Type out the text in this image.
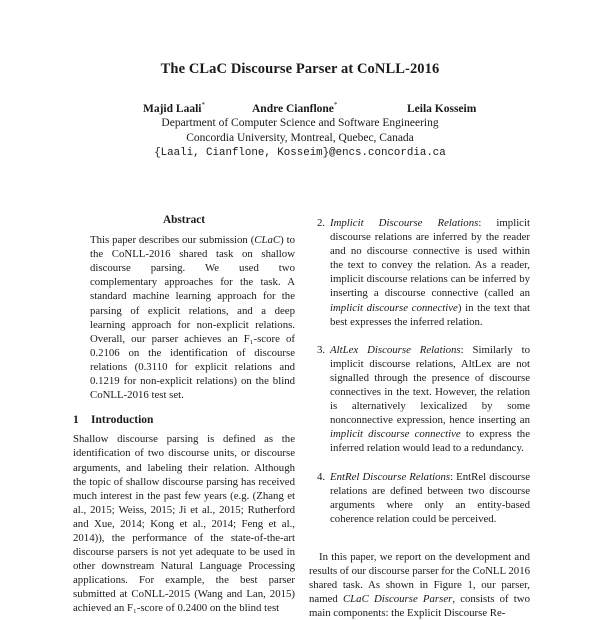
The CLaC Discourse Parser at CoNLL-2016
Majid Laali*	Andre Cianflone*	Leila Kosseim
Department of Computer Science and Software Engineering
Concordia University, Montreal, Quebec, Canada
{Laali, Cianflone, Kosseim}@encs.concordia.ca

Abstract

This paper describes our submission (CLaC) to the CoNLL-2016 shared task on shallow discourse parsing. We used two complementary approaches for the task. A standard machine learning approach for the parsing of explicit relations, and a deep learning approach for non-explicit relations. Overall, our parser achieves an F₁-score of 0.2106 on the identification of discourse relations (0.3110 for explicit relations and 0.1219 for non-explicit relations) on the blind CoNLL-2016 test set.

1 Introduction

Shallow discourse parsing is defined as the identification of two discourse units, or discourse arguments, and labeling their relation. Although the topic of shallow discourse parsing has received much interest in the past few years (e.g. (Zhang et al., 2015; Weiss, 2015; Ji et al., 2015; Rutherford and Xue, 2014; Kong et al., 2014; Feng et al., 2014)), the performance of the state-of-the-art discourse parsers is not yet adequate to be used in other downstream Natural Language Processing applications. For example, the best parser submitted at CoNLL-2015 (Wang and Lan, 2015) achieved an F₁-score of 0.2400 on the blind test

2. Implicit Discourse Relations: implicit discourse relations are inferred by the reader and no discourse connective is used within the text to convey the relation. As a reader, implicit discourse relations can be inferred by inserting a discourse connective (called an implicit discourse connective) in the text that best expresses the inferred relation.

3. AltLex Discourse Relations: Similarly to implicit discourse relations, AltLex are not signalled through the presence of discourse connectives in the text. However, the relation is alternatively lexicalized by some nonconnective expression, hence inserting an implicit discourse connective to express the inferred relation would lead to a redundancy.

4. EntRel Discourse Relations: EntRel discourse relations are defined between two discourse arguments where only an entity-based coherence relation could be perceived.

In this paper, we report on the development and results of our discourse parser for the CoNLL 2016 shared task. As shown in Figure 1, our parser, named CLaC Discourse Parser, consists of two main components: the Explicit Discourse Re-
